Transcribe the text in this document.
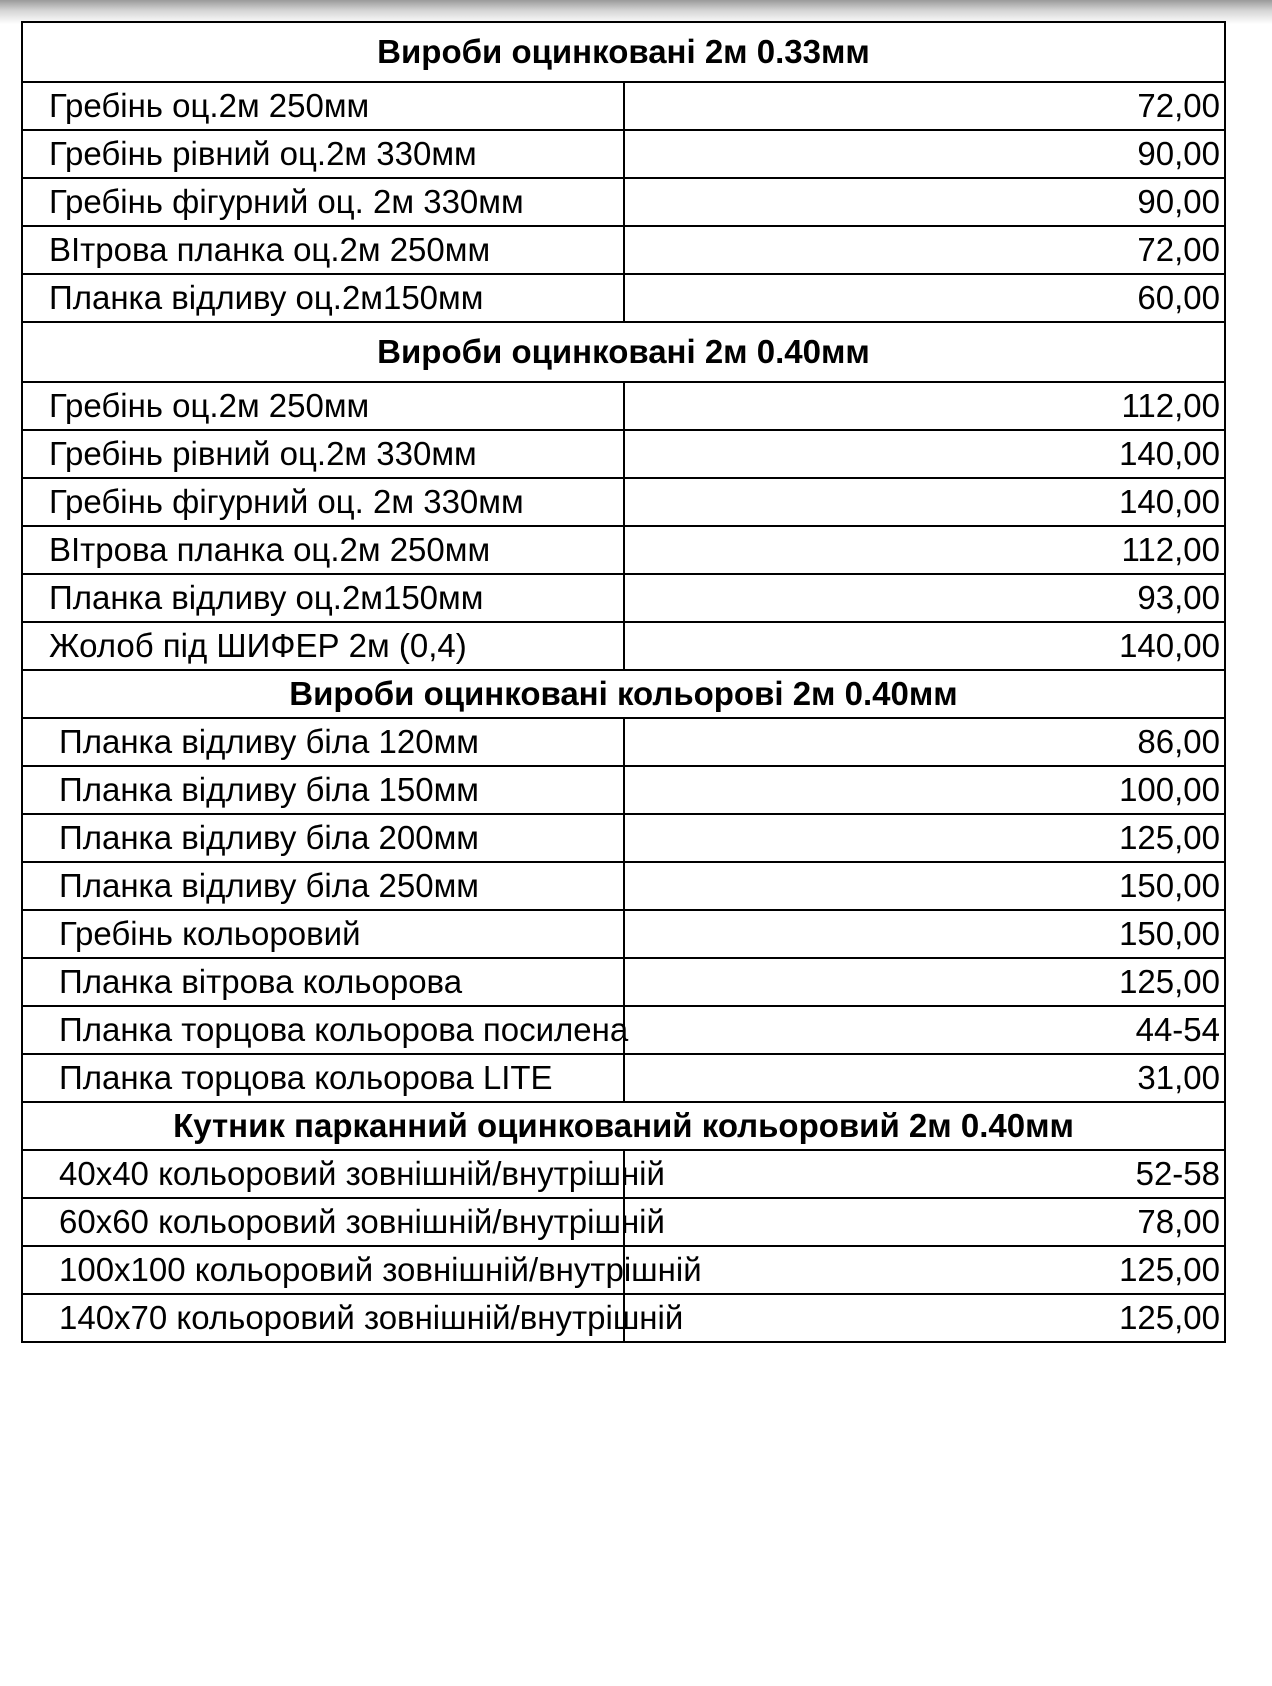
Вироби оцинковані 2м 0.33мм	
Гребінь оц.2м 250мм	72,00
Гребінь рівний оц.2м 330мм	90,00
Гребінь фігурний оц. 2м 330мм	90,00
ВІтрова планка оц.2м 250мм	72,00
Планка відливу оц.2м150мм	60,00
Вироби оцинковані 2м 0.40мм	
Гребінь оц.2м 250мм	112,00
Гребінь рівний оц.2м 330мм	140,00
Гребінь фігурний оц. 2м 330мм	140,00
ВІтрова планка оц.2м 250мм	112,00
Планка відливу оц.2м150мм	93,00
Жолоб під ШИФЕР 2м (0,4)	140,00
Вироби оцинковані кольорові 2м 0.40мм	
Планка відливу біла 120мм	86,00
Планка відливу біла 150мм	100,00
Планка відливу біла 200мм	125,00
Планка відливу біла 250мм	150,00
Гребінь кольоровий	150,00
Планка вітрова кольорова	125,00
Планка торцова кольорова посилена	44-54
Планка торцова кольорова LITE	31,00
Кутник парканний оцинкований кольоровий 2м 0.40мм	
40х40 кольоровий зовнішній/внутрішній	52-58
60х60 кольоровий зовнішній/внутрішній	78,00
100х100 кольоровий зовнішній/внутрішній	125,00
140х70 кольоровий зовнішній/внутрішній	125,00
